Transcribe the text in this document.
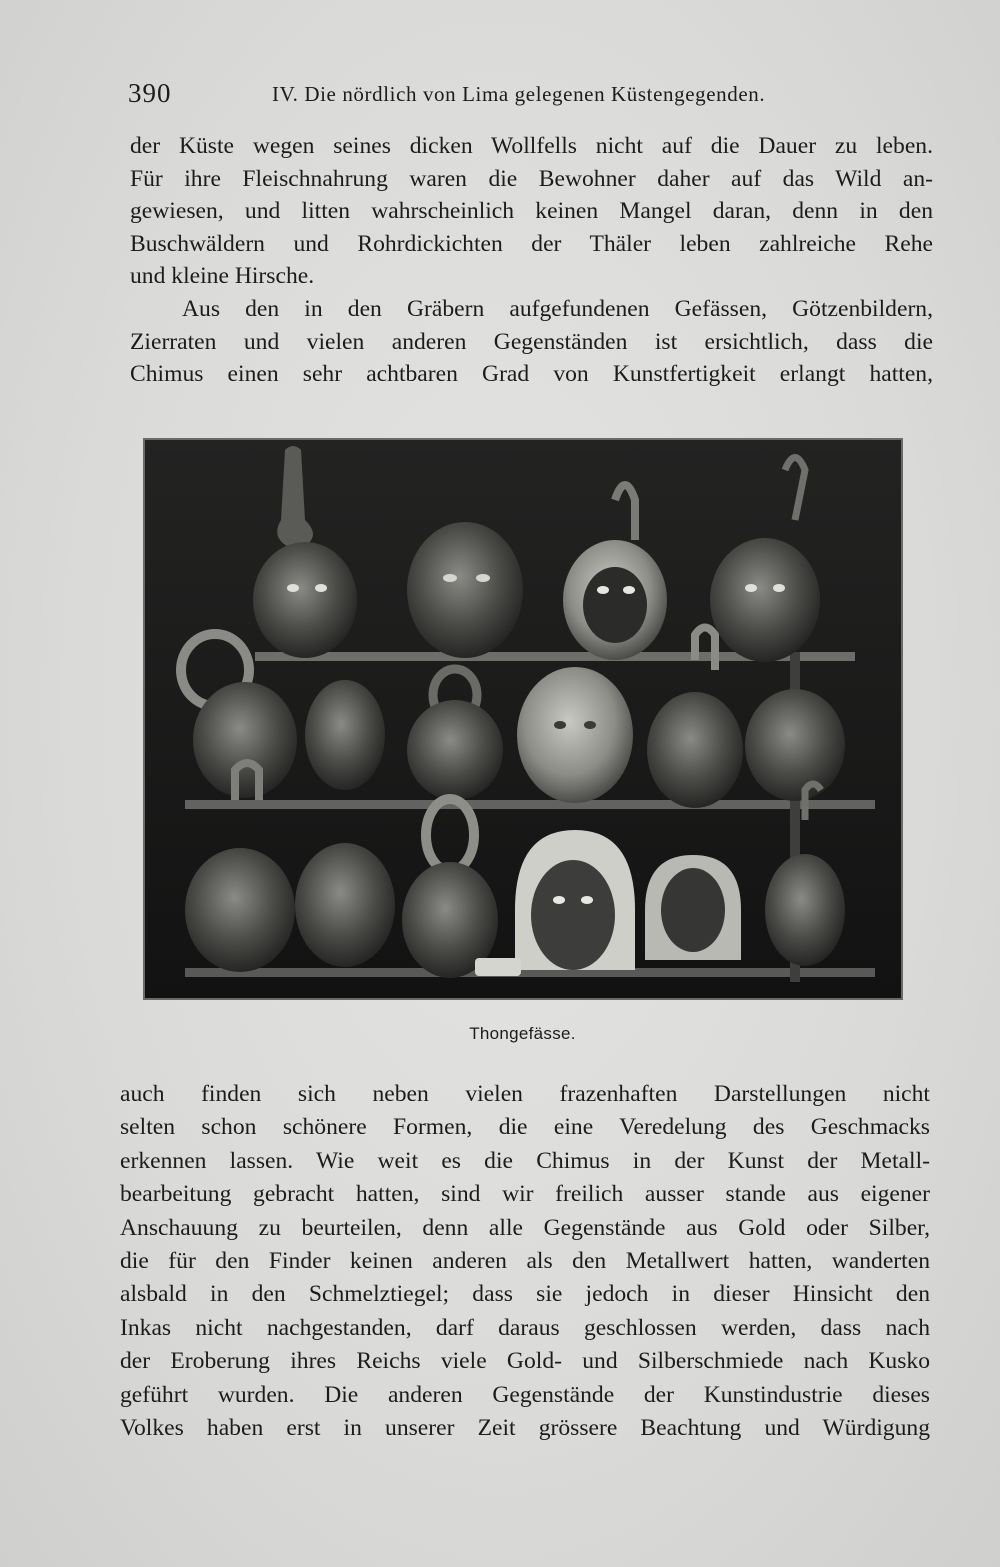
390	IV. Die nördlich von Lima gelegenen Küstengegenden.
der Küste wegen seines dicken Wollfells nicht auf die Dauer zu leben.
Für ihre Fleischnahrung waren die Bewohner daher auf das Wild an-
gewiesen, und litten wahrscheinlich keinen Mangel daran, denn in den
Buschwäldern und Rohrdickichten der Thäler leben zahlreiche Rehe
und kleine Hirsche.
Aus den in den Gräbern aufgefundenen Gefässen, Götzenbildern,
Zierraten und vielen anderen Gegenständen ist ersichtlich, dass die
Chimus einen sehr achtbaren Grad von Kunstfertigkeit erlangt hatten,
Thongefässe.
auch finden sich neben vielen frazenhaften Darstellungen nicht
selten schon schönere Formen, die eine Veredelung des Geschmacks
erkennen lassen. Wie weit es die Chimus in der Kunst der Metall-
bearbeitung gebracht hatten, sind wir freilich ausser stande aus eigener
Anschauung zu beurteilen, denn alle Gegenstände aus Gold oder Silber,
die für den Finder keinen anderen als den Metallwert hatten, wanderten
alsbald in den Schmelztiegel; dass sie jedoch in dieser Hinsicht den
Inkas nicht nachgestanden, darf daraus geschlossen werden, dass nach
der Eroberung ihres Reichs viele Gold- und Silberschmiede nach Kusko
geführt wurden. Die anderen Gegenstände der Kunstindustrie dieses
Volkes haben erst in unserer Zeit grössere Beachtung und Würdigung
